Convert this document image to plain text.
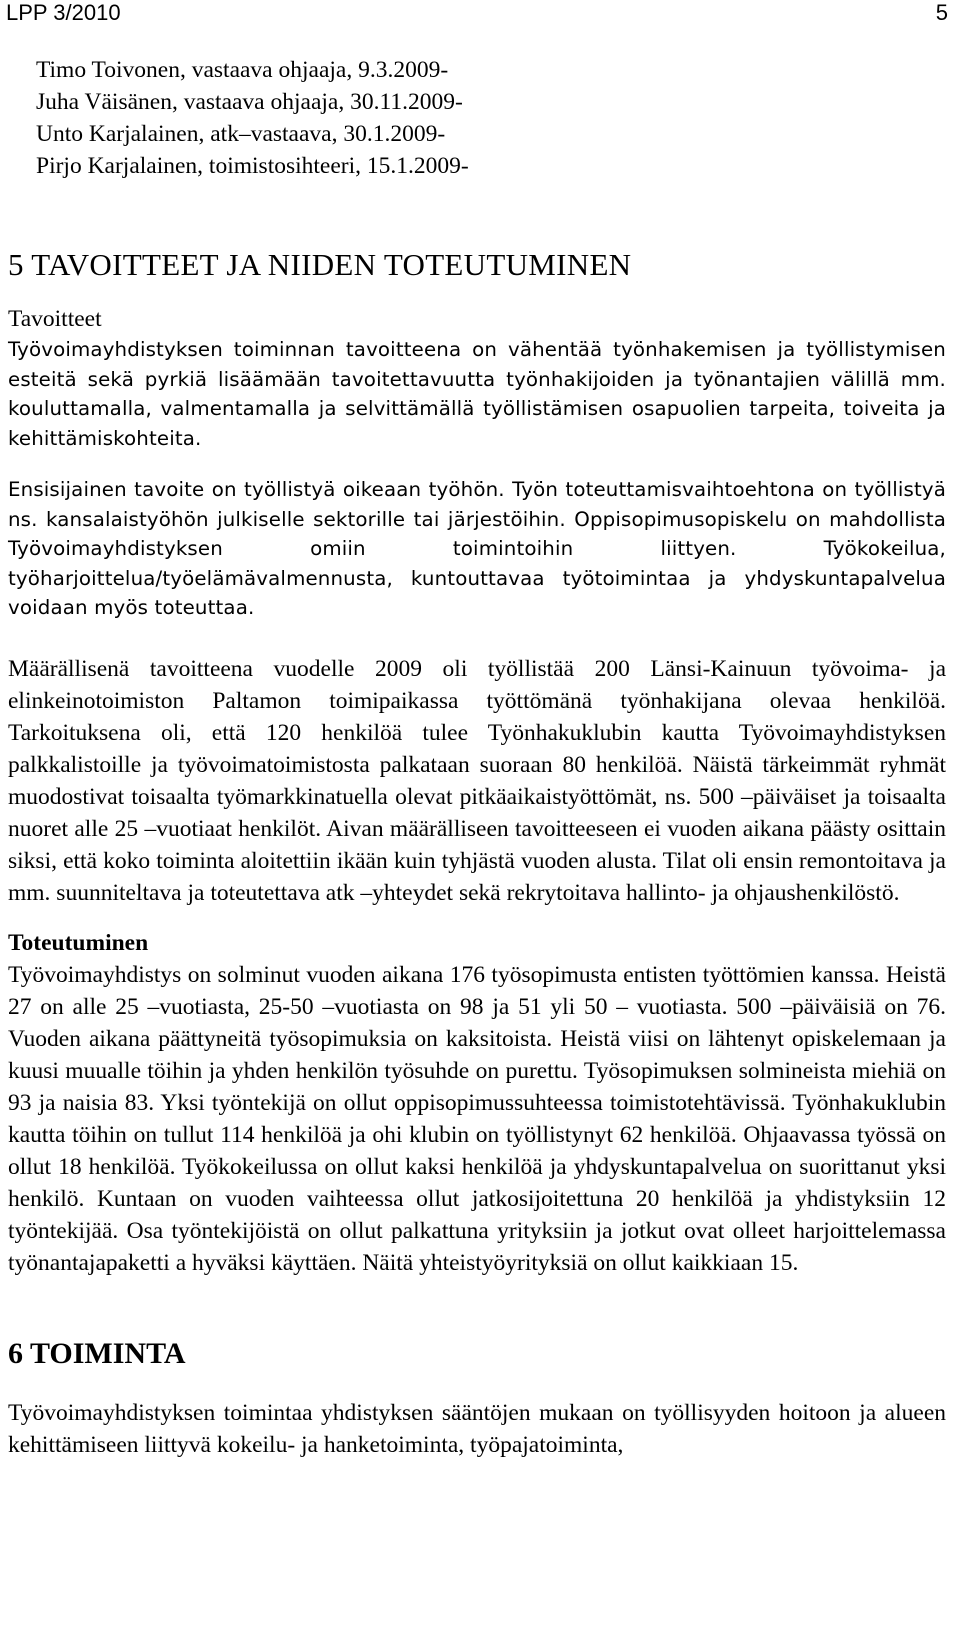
LPP 3/2010	5
Timo Toivonen, vastaava ohjaaja, 9.3.2009-
Juha Väisänen, vastaava ohjaaja, 30.11.2009-
Unto Karjalainen, atk–vastaava, 30.1.2009-
Pirjo Karjalainen, toimistosihteeri, 15.1.2009-
5 TAVOITTEET JA NIIDEN TOTEUTUMINEN
Tavoitteet

Työvoimayhdistyksen toiminnan tavoitteena on vähentää työnhakemisen ja työllistymisen esteitä sekä pyrkiä lisäämään tavoitettavuutta työnhakijoiden ja työnantajien välillä mm. kouluttamalla, valmentamalla ja selvittämällä työllistämisen osapuolien tarpeita, toiveita ja kehittämiskohteita.

Ensisijainen tavoite on työllistyä oikeaan työhön. Työn toteuttamisvaihtoehtona on työllistyä ns. kansalaistyöhön julkiselle sektorille tai järjestöihin. Oppisopimusopiskelu on mahdollista Työvoimayhdistyksen omiin toimintoihin liittyen. Työkokeilua, työharjoittelua/työelämävalmennusta, kuntouttavaa työtoimintaa ja yhdyskuntapalvelua voidaan myös toteuttaa.

Määrällisenä tavoitteena vuodelle 2009 oli työllistää 200 Länsi-Kainuun työvoima- ja elinkeinotoimiston Paltamon toimipaikassa työttömänä työnhakijana olevaa henkilöä. Tarkoituksena oli, että 120 henkilöä tulee Työnhakuklubin kautta Työvoimayhdistyksen palkkalistoille ja työvoimatoimistosta palkataan suoraan 80 henkilöä. Näistä tärkeimmät ryhmät muodostivat toisaalta työmarkkinatuella olevat pitkäaikaistyöttömät, ns. 500 –päiväiset ja toisaalta nuoret alle 25 –vuotiaat henkilöt. Aivan määrälliseen tavoitteeseen ei vuoden aikana päästy osittain siksi, että koko toiminta aloitettiin ikään kuin tyhjästä vuoden alusta. Tilat oli ensin remontoitava ja mm. suunniteltava ja toteutettava atk –yhteydet sekä rekrytoitava hallinto- ja ohjaushenkilöstö.

Toteutuminen

Työvoimayhdistys on solminut vuoden aikana 176 työsopimusta entisten työttömien kanssa. Heistä 27 on alle 25 –vuotiasta, 25-50 –vuotiasta on 98 ja 51 yli 50 – vuotiasta. 500 –päiväisiä on 76. Vuoden aikana päättyneitä työsopimuksia on kaksitoista. Heistä viisi on lähtenyt opiskelemaan ja kuusi muualle töihin ja yhden henkilön työsuhde on purettu. Työsopimuksen solmineista miehiä on 93 ja naisia 83. Yksi työntekijä on ollut oppisopimussuhteessa toimistotehtävissä. Työnhakuklubin kautta töihin on tullut 114 henkilöä ja ohi klubin on työllistynyt 62 henkilöä. Ohjaavassa työssä on ollut 18 henkilöä. Työkokeilussa on ollut kaksi henkilöä ja yhdyskuntapalvelua on suorittanut yksi henkilö. Kuntaan on vuoden vaihteessa ollut jatkosijoitettuna 20 henkilöä ja yhdistyksiin 12 työntekijää. Osa työntekijöistä on ollut palkattuna yrityksiin ja jotkut ovat olleet harjoittelemassa työnantajapaketti a hyväksi käyttäen. Näitä yhteistyöyrityksiä on ollut kaikkiaan 15.

6 TOIMINTA

Työvoimayhdistyksen toimintaa yhdistyksen sääntöjen mukaan on työllisyyden hoitoon ja alueen kehittämiseen liittyvä kokeilu- ja hanketoiminta, työpajatoiminta,
